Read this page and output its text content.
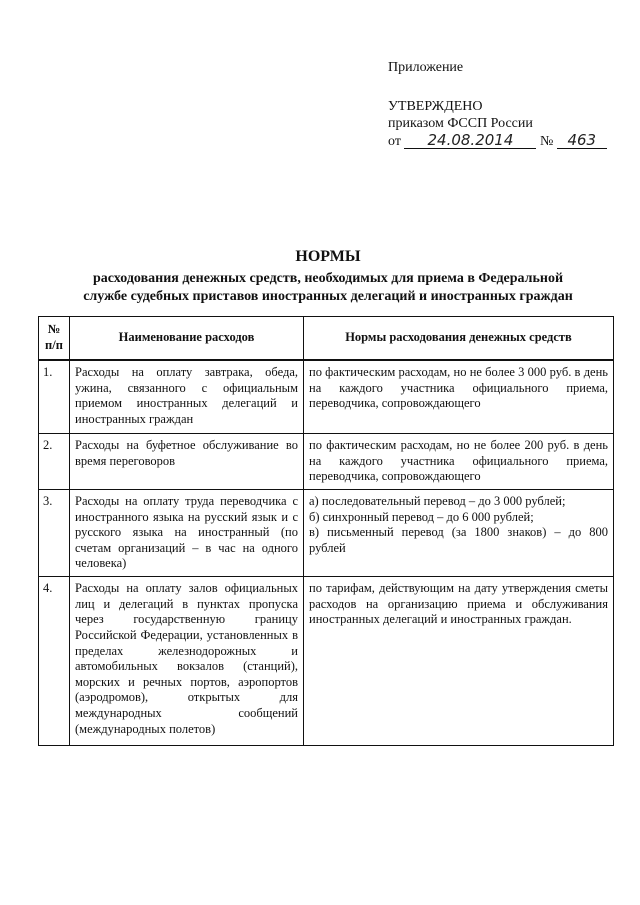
Приложение
УТВЕРЖДЕНО
приказом ФССП России
от 24.08.2014 № 463
НОРМЫ
расходования денежных средств, необходимых для приема в Федеральной
службе судебных приставов иностранных делегаций и иностранных граждан
№ п/п	Наименование расходов	Нормы расходования денежных средств
1.	Расходы на оплату завтрака, обеда, ужина, связанного с официальным приемом иностранных делегаций и иностранных граждан	по фактическим расходам, но не более 3 000 руб. в день на каждого участника официального приема, переводчика, сопровождающего
2.	Расходы на буфетное обслуживание во время переговоров	по фактическим расходам, но не более 200 руб. в день на каждого участника официального приема, переводчика, сопровождающего
3.	Расходы на оплату труда переводчика с иностранного языка на русский язык и с русского языка на иностранный (по счетам организаций – в час на одного человека)	а) последовательный перевод – до 3 000 рублей;
б) синхронный перевод – до 6 000 рублей;
в) письменный перевод (за 1800 знаков) – до 800 рублей

4.	Расходы на оплату залов официальных лиц и делегаций в пунктах пропуска через государственную границу Российской Федерации, установленных в пределах железнодорожных и автомобильных вокзалов (станций), морских и речных портов, аэропортов (аэродромов), открытых для международных сообщений (международных полетов)	по тарифам, действующим на дату утверждения сметы расходов на организацию приема и обслуживания иностранных делегаций и иностранных граждан.
